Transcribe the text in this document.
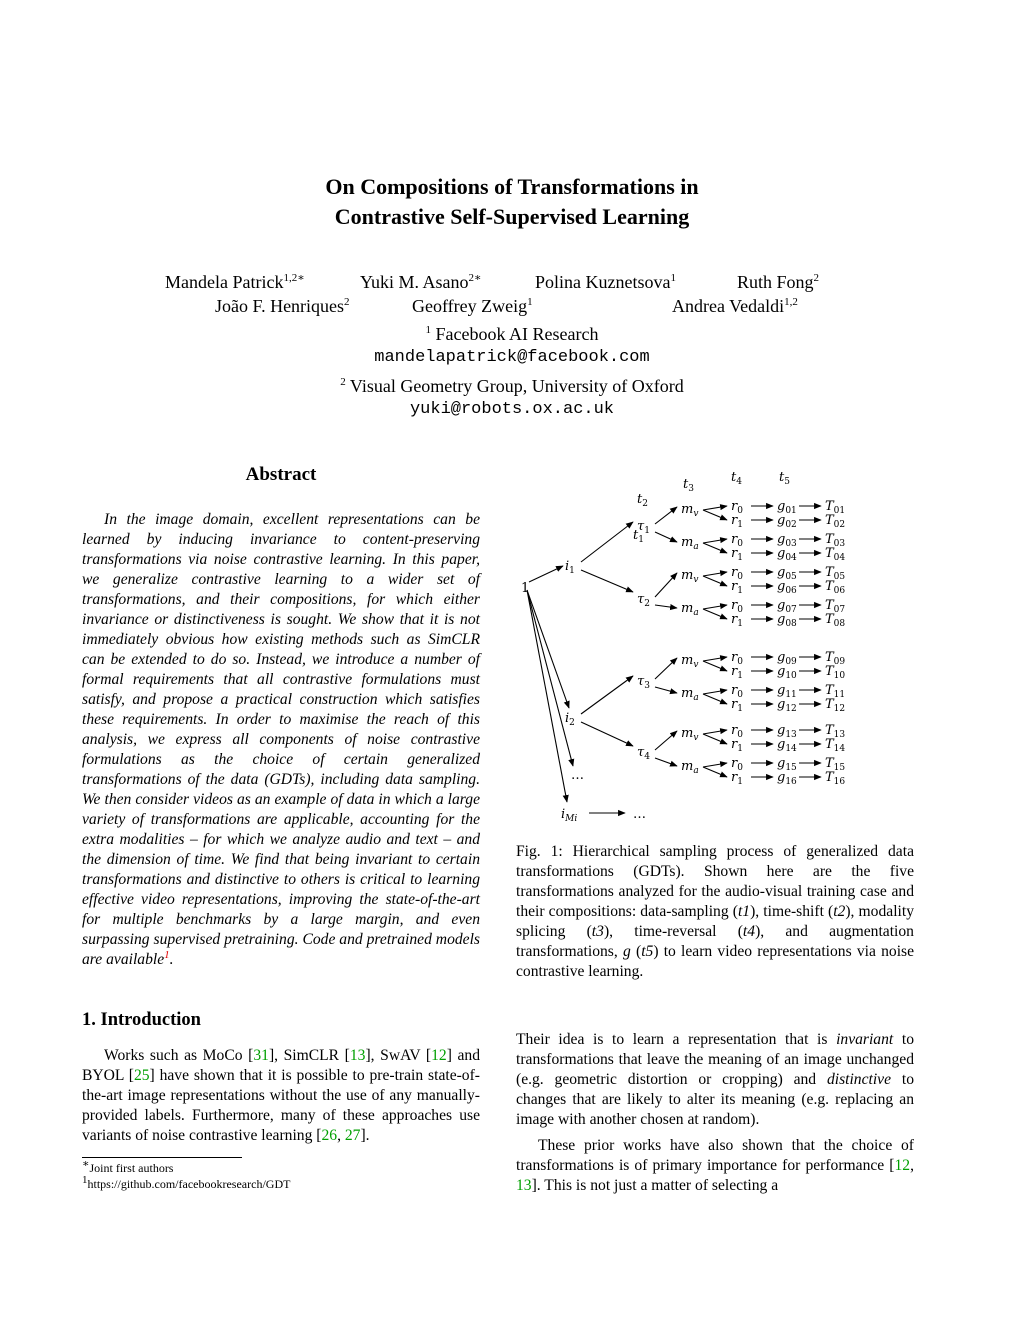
On Compositions of Transformations in
Contrastive Self-Supervised Learning
Mandela Patrick$^{1,2∗}$	Yuki M. Asano$^{2∗}$	Polina Kuznetsova$^1$	Ruth Fong$^2$
João F. Henriques$^2$	Geoffrey Zweig$^1$	Andrea Vedaldi$^{1,2}$
$^1$ Facebook AI Research
mandelapatrick@facebook.com
$^2$ Visual Geometry Group, University of Oxford
yuki@robots.ox.ac.uk
Abstract
In the image domain, excellent representations can be learned by inducing invariance to content-preserving transformations via noise contrastive learning. In this paper, we generalize contrastive learning to a wider set of transformations, and their compositions, for which either invariance or distinctiveness is sought. We show that it is not immediately obvious how existing methods such as SimCLR can be extended to do so. Instead, we introduce a number of formal requirements that all contrastive formulations must satisfy, and propose a practical construction which satisfies these requirements. In order to maximise the reach of this analysis, we express all components of noise contrastive formulations as the choice of certain generalized transformations of the data (GDTs), including data sampling. We then consider videos as an example of data in which a large variety of transformations are applicable, accounting for the extra modalities – for which we analyze audio and text – and the dimension of time. We find that being invariant to certain transformations and distinctive to others is critical to learning effective video representations, improving the state-of-the-art for multiple benchmarks by a large margin, and even surpassing supervised pretraining. Code and pretrained models are available$^1$.
1. Introduction
Works such as MoCo [31], SimCLR [13], SwAV [12] and BYOL [25] have shown that it is possible to pre-train state-of-the-art image representations without the use of any manually-provided labels. Furthermore, many of these approaches use variants of noise contrastive learning [26, 27].
∗Joint first authors
1https://github.com/facebookresearch/GDT
$t_1$
$t_2$
$t_3$
$t_4$	$t_5$
1
$i_1$
$i_2$
…
$i_{Mi}$	…
$\tau_1$
$\tau_2$
$\tau_3$
$\tau_4$
$m_v$	$r_0$	$g_{01}$ $T_{01}$
$r_1$	$g_{02}$ $T_{02}$
$m_a$ $r_0$	$g_{03}$ $T_{03}$
$r_1$	$g_{04}$ $T_{04}$
$m_v$	$r_0$	$g_{05}$ $T_{05}$
$r_1$	$g_{06}$ $T_{06}$
$m_a$ $r_0$	$g_{07}$ $T_{07}$
$r_1$	$g_{08}$ $T_{08}$
$m_v$	$r_0$	$g_{09}$ $T_{09}$
$r_1$	$g_{10}$ $T_{10}$
$m_a$ $r_0$	$g_{11}$ $T_{11}$
$r_1$	$g_{12}$ $T_{12}$
$m_v$	$r_0$	$g_{13}$ $T_{13}$
$r_1$	$g_{14}$ $T_{14}$
$m_a$ $r_0$	$g_{15}$ $T_{15}$
$r_1$	$g_{16}$ $T_{16}$
Fig. 1: Hierarchical sampling process of generalized data transformations (GDTs). Shown here are the five transformations analyzed for the audio-visual training case and their compositions: data-sampling (t1), time-shift (t2), modality splicing (t3), time-reversal (t4), and augmentation transformations, g (t5) to learn video representations via noise contrastive learning.
Their idea is to learn a representation that is invariant to transformations that leave the meaning of an image unchanged (e.g. geometric distortion or cropping) and distinctive to changes that are likely to alter its meaning (e.g. replacing an image with another chosen at random).
These prior works have also shown that the choice of transformations is of primary importance for performance [12, 13]. This is not just a matter of selecting a
